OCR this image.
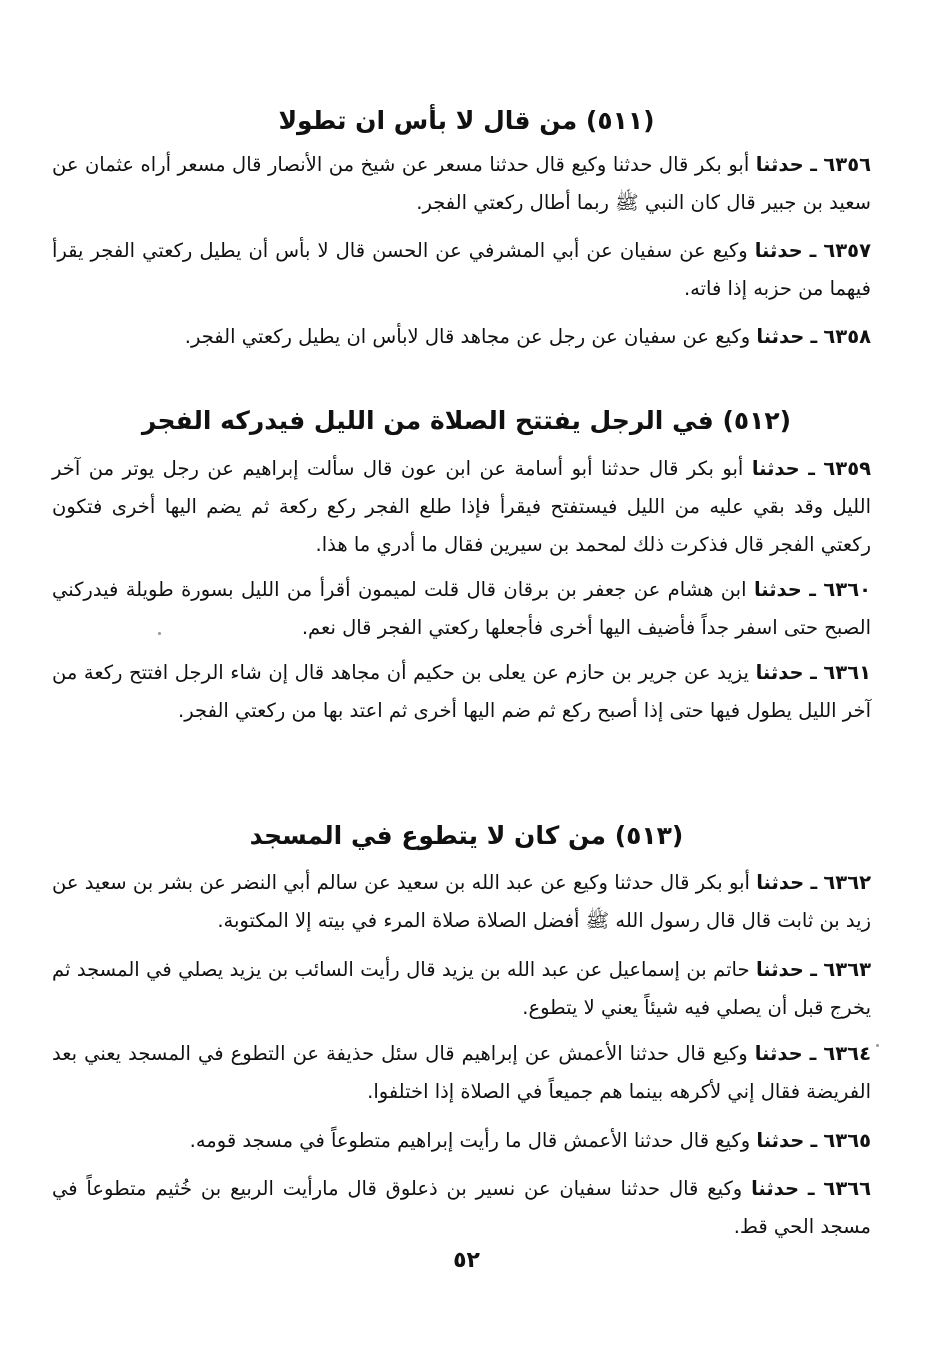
(٥١١) من قال لا بأس ان تطولا
٦٣٥٦ ـ حدثنا أبو بكر قال حدثنا وكيع قال حدثنا مسعر عن شيخ من الأنصار قال مسعر أراه عثمان عن سعيد بن جبير قال كان النبي ﷺ ربما أطال ركعتي الفجر.
٦٣٥٧ ـ حدثنا وكيع عن سفيان عن أبي المشرفي عن الحسن قال لا بأس أن يطيل ركعتي الفجر يقرأ فيهما من حزبه إذا فاته.
٦٣٥٨ ـ حدثنا وكيع عن سفيان عن رجل عن مجاهد قال لابأس ان يطيل ركعتي الفجر.
(٥١٢) في الرجل يفتتح الصلاة من الليل فيدركه الفجر
٦٣٥٩ ـ حدثنا أبو بكر قال حدثنا أبو أسامة عن ابن عون قال سألت إبراهيم عن رجل يوتر من آخر الليل وقد بقي عليه من الليل فيستفتح فيقرأ فإذا طلع الفجر ركع ركعة ثم يضم اليها أخرى فتكون ركعتي الفجر قال فذكرت ذلك لمحمد بن سيرين فقال ما أدري ما هذا.
٦٣٦٠ ـ حدثنا ابن هشام عن جعفر بن برقان قال قلت لميمون أقرأ من الليل بسورة طويلة فيدركني الصبح حتى اسفر جداً فأضيف اليها أخرى فأجعلها ركعتي الفجر قال نعم.
٦٣٦١ ـ حدثنا يزيد عن جرير بن حازم عن يعلى بن حكيم أن مجاهد قال إن شاء الرجل افتتح ركعة من آخر الليل يطول فيها حتى إذا أصبح ركع ثم ضم اليها أخرى ثم اعتد بها من ركعتي الفجر.
(٥١٣) من كان لا يتطوع في المسجد
٦٣٦٢ ـ حدثنا أبو بكر قال حدثنا وكيع عن عبد الله بن سعيد عن سالم أبي النضر عن بشر بن سعيد عن زيد بن ثابت قال قال رسول الله ﷺ أفضل الصلاة صلاة المرء في بيته إلا المكتوبة.
٦٣٦٣ ـ حدثنا حاتم بن إسماعيل عن عبد الله بن يزيد قال رأيت السائب بن يزيد يصلي في المسجد ثم يخرج قبل أن يصلي فيه شيئاً يعني لا يتطوع.
٦٣٦٤ ـ حدثنا وكيع قال حدثنا الأعمش عن إبراهيم قال سئل حذيفة عن التطوع في المسجد يعني بعد الفريضة فقال إني لأكرهه بينما هم جميعاً في الصلاة إذا اختلفوا.
٦٣٦٥ ـ حدثنا وكيع قال حدثنا الأعمش قال ما رأيت إبراهيم متطوعاً في مسجد قومه.
٦٣٦٦ ـ حدثنا وكيع قال حدثنا سفيان عن نسير بن ذعلوق قال مارأيت الربيع بن خُثيم متطوعاً في مسجد الحي قط.
٥٢
